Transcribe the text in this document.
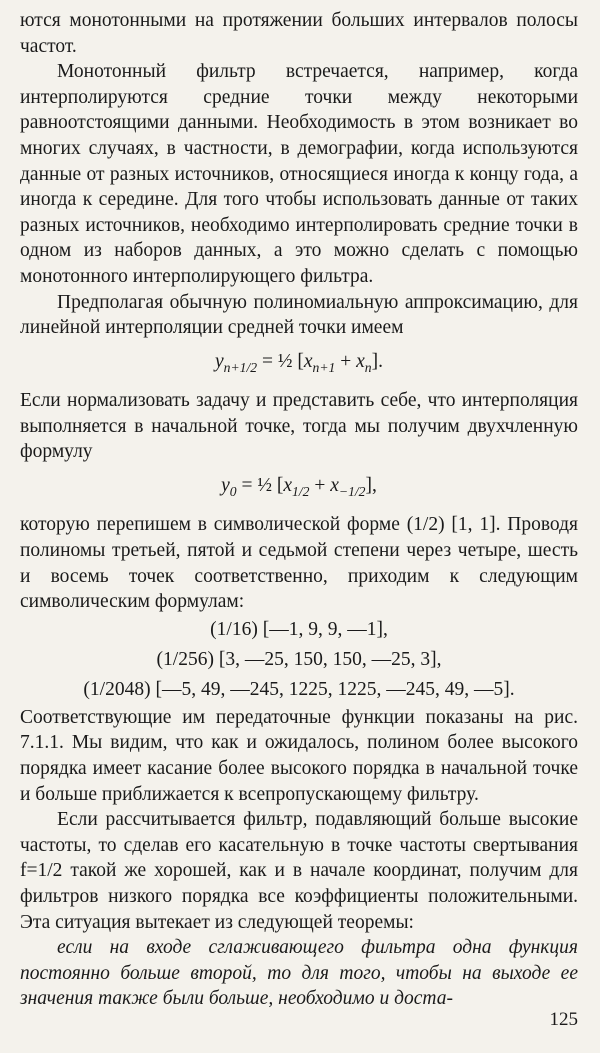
ются монотонными на протяжении больших интервалов полосы частот.

Монотонный фильтр встречается, например, когда интерполируются средние точки между некоторыми равноотстоящими данными. Необходимость в этом возникает во многих случаях, в частности, в демографии, когда используются данные от разных источников, относящиеся иногда к концу года, а иногда к середине. Для того чтобы использовать данные от таких разных источников, необходимо интерполировать средние точки в одном из наборов данных, а это можно сделать с помощью монотонного интерполирующего фильтра.

Предполагая обычную полиномиальную аппроксимацию, для линейной интерполяции средней точки имеем

$y_{n+1/2}$ = ½ $[x_{n+1} + x_n]$.

Если нормализовать задачу и представить себе, что интерполяция выполняется в начальной точке, тогда мы получим двухчленную формулу

$y_0$ = ½ $[x_{1/2} + x_{-1/2}]$,

которую перепишем в символической форме (1/2) [1, 1]. Проводя полиномы третьей, пятой и седьмой степени через четыре, шесть и восемь точек соответственно, приходим к следующим символическим формулам:

(1/16) [—1, 9, 9, —1],
(1/256) [3, —25, 150, 150, —25, 3],
(1/2048) [—5, 49, —245, 1225, 1225, —245, 49, —5].

Соответствующие им передаточные функции показаны на рис. 7.1.1. Мы видим, что как и ожидалось, полином более высокого порядка имеет касание более высокого порядка в начальной точке и больше приближается к всепропускающему фильтру.

Если рассчитывается фильтр, подавляющий больше высокие частоты, то сделав его касательную в точке частоты свертывания f=1/2 такой же хорошей, как и в начале координат, получим для фильтров низкого порядка все коэффициенты положительными. Эта ситуация вытекает из следующей теоремы:

если на входе сглаживающего фильтра одна функция постоянно больше второй, то для того, чтобы на выходе ее значения также были больше, необходимо и доста-

125
